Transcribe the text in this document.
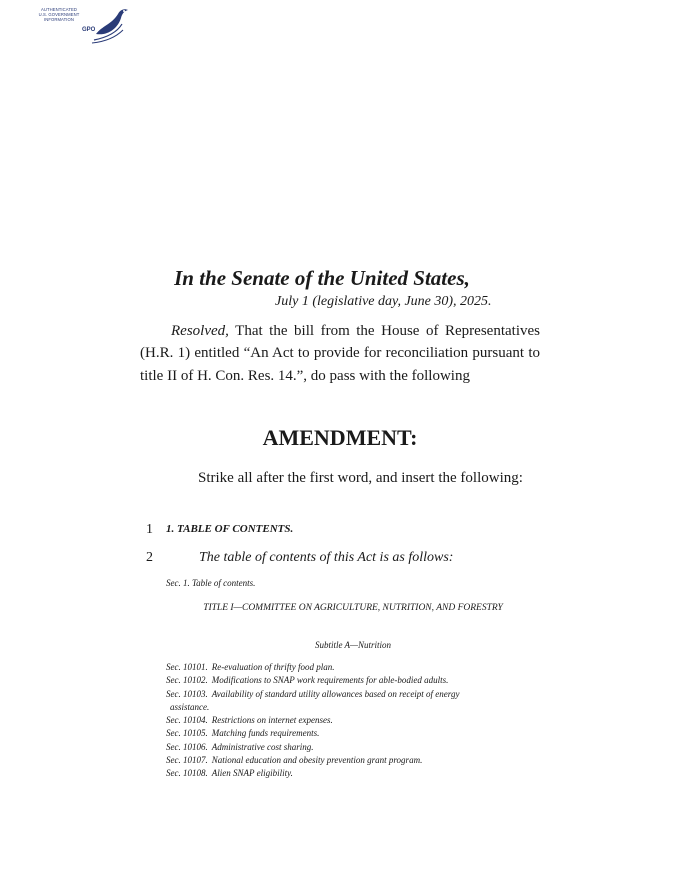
AUTHENTICATED
U.S. GOVERNMENT
INFORMATION
GPO
In the Senate of the United States,
July 1 (legislative day, June 30), 2025.
Resolved, That the bill from the House of Representatives (H.R. 1) entitled “An Act to provide for reconciliation pursuant to title II of H. Con. Res. 14.”, do pass with the following
AMENDMENT:
Strike all after the first word, and insert the following:
1
2
1. TABLE OF CONTENTS.
The table of contents of this Act is as follows:
Sec. 1. Table of contents.
TITLE I—COMMITTEE ON AGRICULTURE, NUTRITION, AND FORESTRY
Subtitle A—Nutrition
Sec. 10101. Re-evaluation of thrifty food plan.
Sec. 10102. Modifications to SNAP work requirements for able-bodied adults.
Sec. 10103. Availability of standard utility allowances based on receipt of energy
assistance.
Sec. 10104. Restrictions on internet expenses.
Sec. 10105. Matching funds requirements.
Sec. 10106. Administrative cost sharing.
Sec. 10107. National education and obesity prevention grant program.
Sec. 10108. Alien SNAP eligibility.
